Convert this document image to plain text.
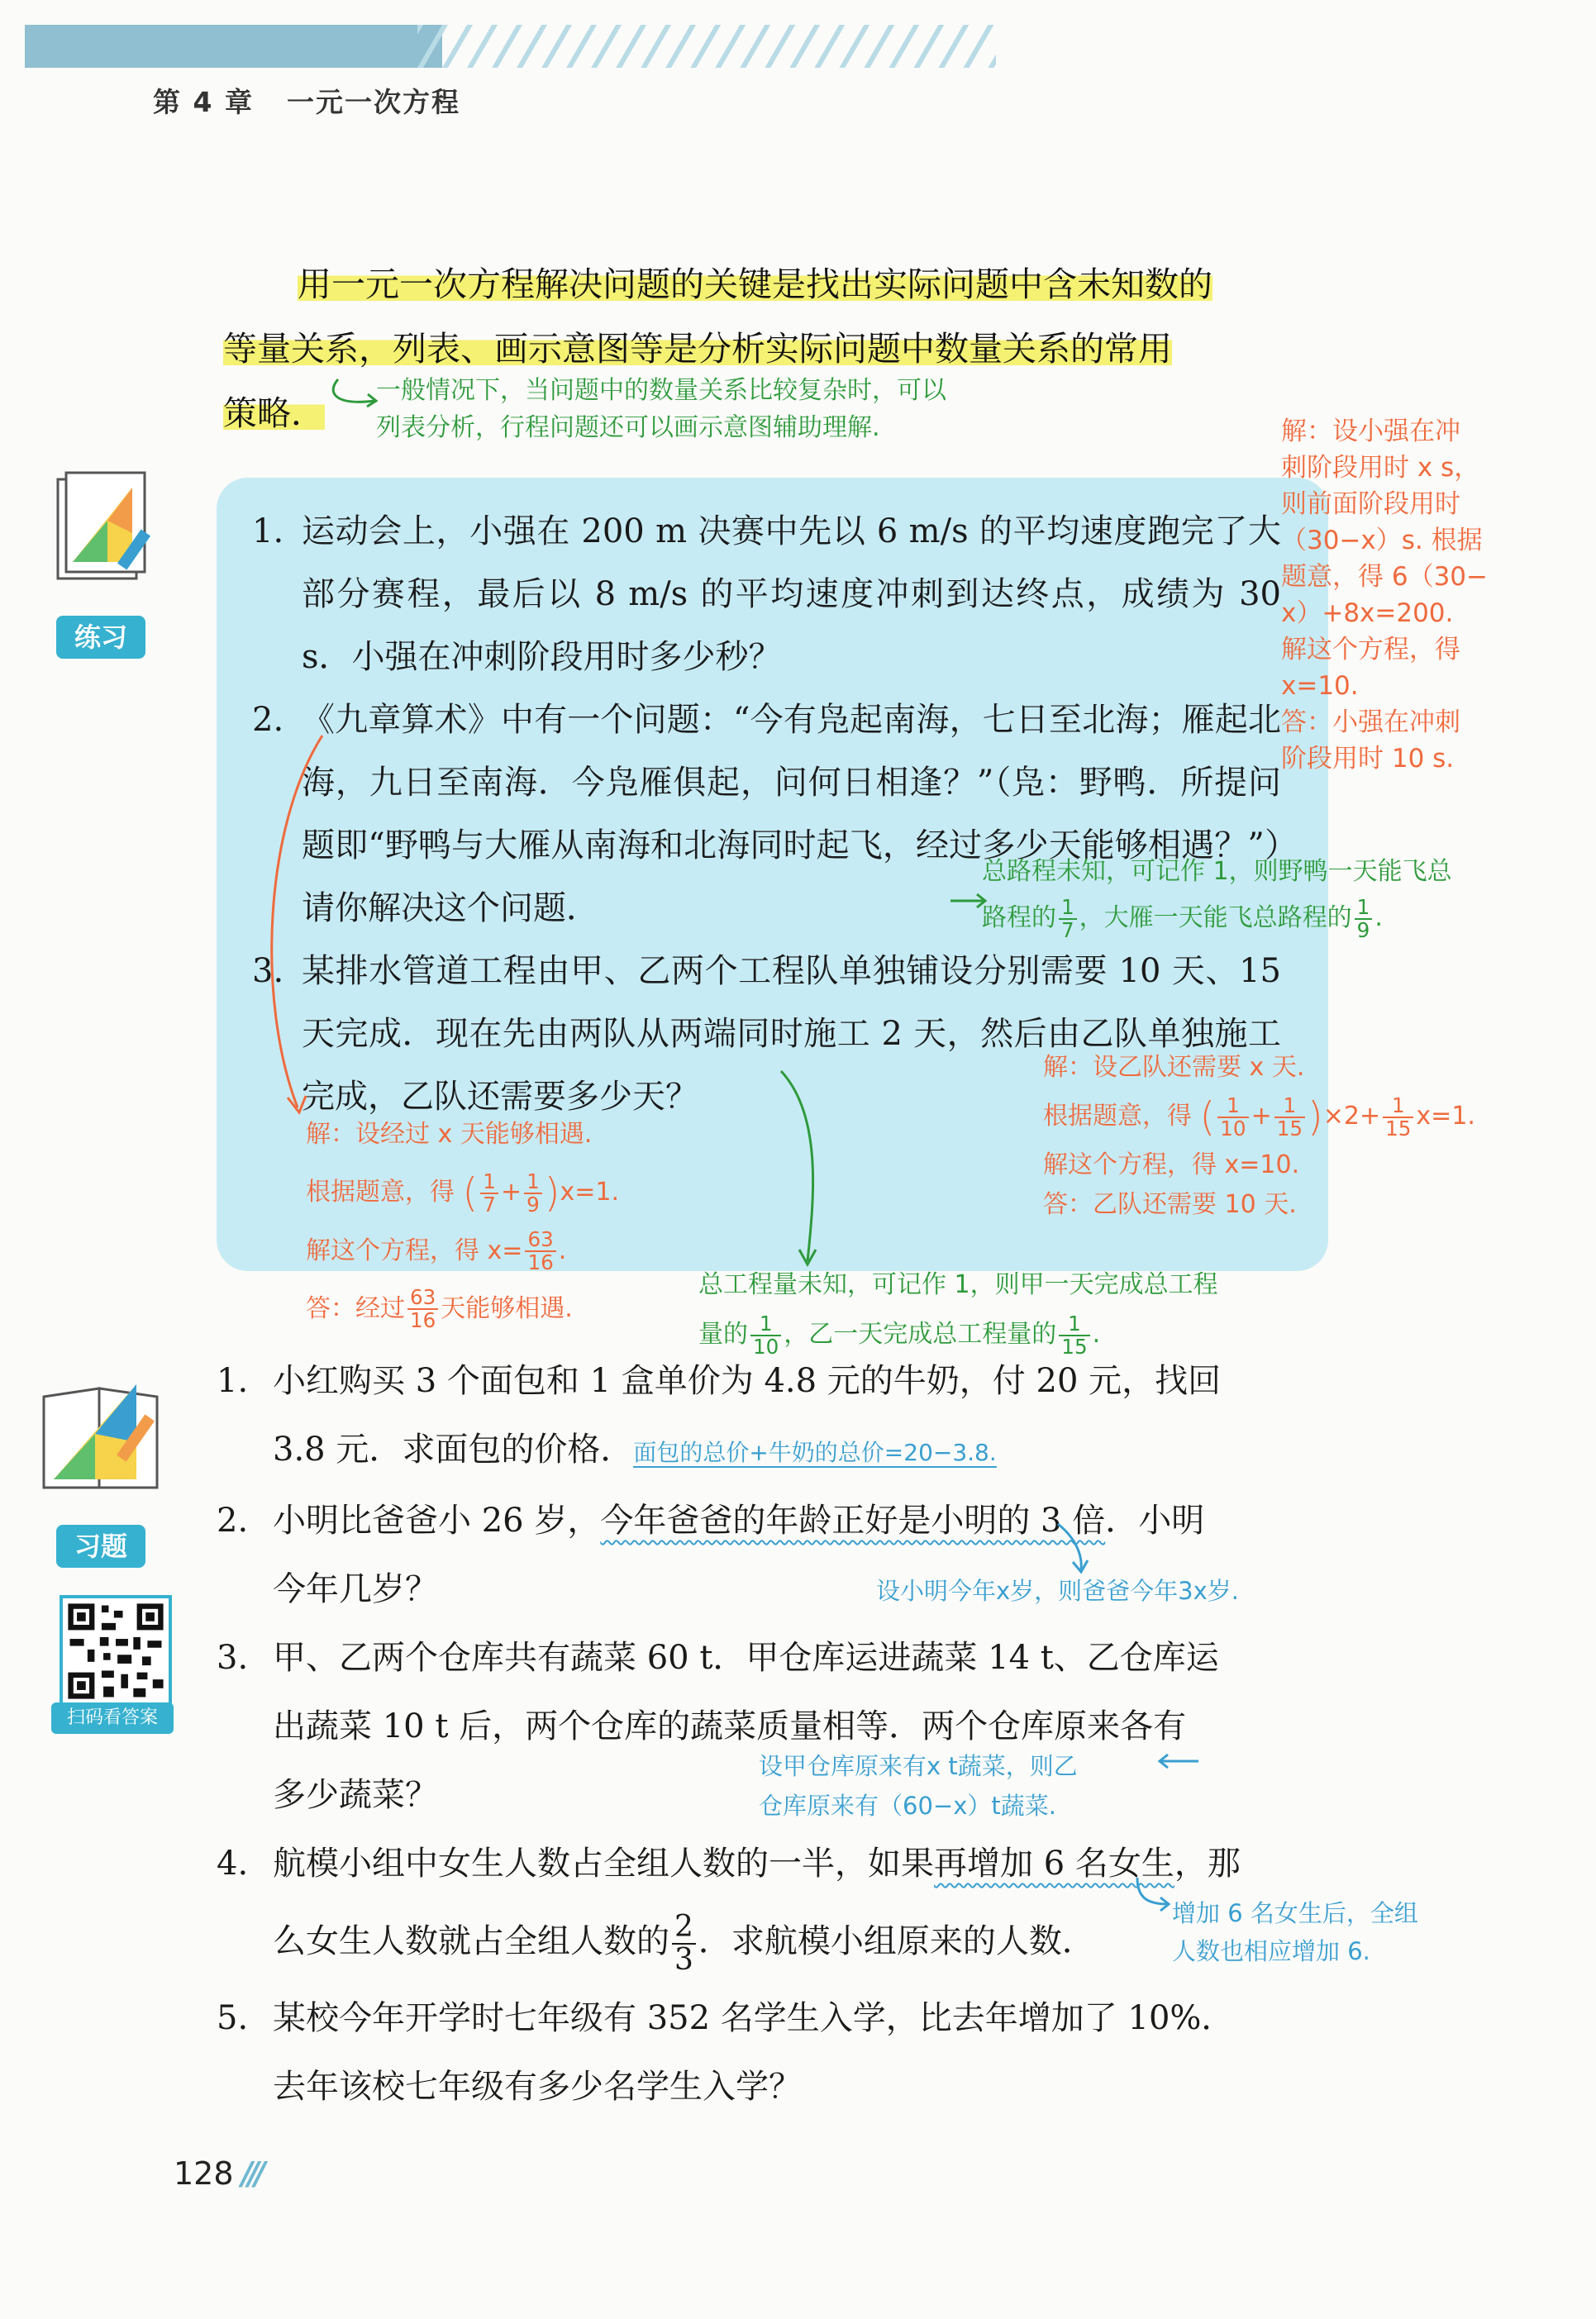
第 4 章 一元一次方程
用一元一次方程解决问题的关键是找出实际问题中含未知数的
等量关系，列表、画示意图等是分析实际问题中数量关系的常用
策略．
一般情况下，当问题中的数量关系比较复杂时，可以
列表分析，行程问题还可以画示意图辅助理解.
练习
1. 运动会上，小强在 200 m 决赛中先以 6 m/s 的平均速度跑完了大部分赛程，最后以 8 m/s 的平均速度冲刺到达终点，成绩为 30 s．小强在冲刺阶段用时多少秒？
2. 《九章算术》中有一个问题：“今有凫起南海，七日至北海；雁起北海，九日至南海．今凫雁俱起，问何日相逢？”（凫：野鸭．所提问题即“野鸭与大雁从南海和北海同时起飞，经过多少天能够相遇？”）请你解决这个问题．
3. 某排水管道工程由甲、乙两个工程队单独铺设分别需要 10 天、15 天完成．现在先由两队从两端同时施工 2 天，然后由乙队单独施工完成，乙队还需要多少天？
解：设小强在冲
刺阶段用时 x s，
则前面阶段用时
（30−x）s. 根据
题意，得 6（30−
x）+8x=200.
解这个方程，得
x=10.
答：小强在冲刺
阶段用时 10 s.
总路程未知，可记作 1，则野鸭一天能飞总
路程的 $\frac{1}{7}$ ，大雁一天能飞总路程的 $\frac{1}{9}$ .
解：设乙队还需要 x 天.
根据题意，得 ( $\frac{1}{10} + \frac{1}{15} )\times 2+ \frac{1}{15} x=1$.
解这个方程，得 x=10.
答：乙队还需要 10 天.
解：设经过 x 天能够相遇.
根据题意，得 ( $\frac{1}{7} + \frac{1}{9} )x=1$.
解这个方程，得 $x= \frac{63}{16}$ .
答：经过 $\frac{63}{16}$ 天能够相遇.
总工程量未知，可记作 1，则甲一天完成总工程
量的 $\frac{1}{10}$ ，乙一天完成总工程量的 $\frac{1}{15}$ .
习题
扫码看答案
1. 小红购买 3 个面包和 1 盒单价为 4.8 元的牛奶，付 20 元，找回
3.8 元．求面包的价格．面包的总价+牛奶的总价=20−3.8.
2. 小明比爸爸小 26 岁，今年爸爸的年龄正好是小明的 3 倍．小明
今年几岁？
3. 甲、乙两个仓库共有蔬菜 60 t．甲仓库运进蔬菜 14 t、乙仓库运
出蔬菜 10 t 后，两个仓库的蔬菜质量相等．两个仓库原来各有
多少蔬菜？
4. 航模小组中女生人数占全组人数的一半，如果再增加 6 名女生，那
么女生人数就占全组人数的 $\frac{2}{3}$ ．求航模小组原来的人数．
5. 某校今年开学时七年级有 352 名学生入学，比去年增加了 10%．
去年该校七年级有多少名学生入学？
设小明今年x岁，则爸爸今年3x岁.
设甲仓库原来有x t蔬菜，则乙
仓库原来有（60−x）t蔬菜.
增加 6 名女生后，全组
人数也相应增加 6.
128 ///
